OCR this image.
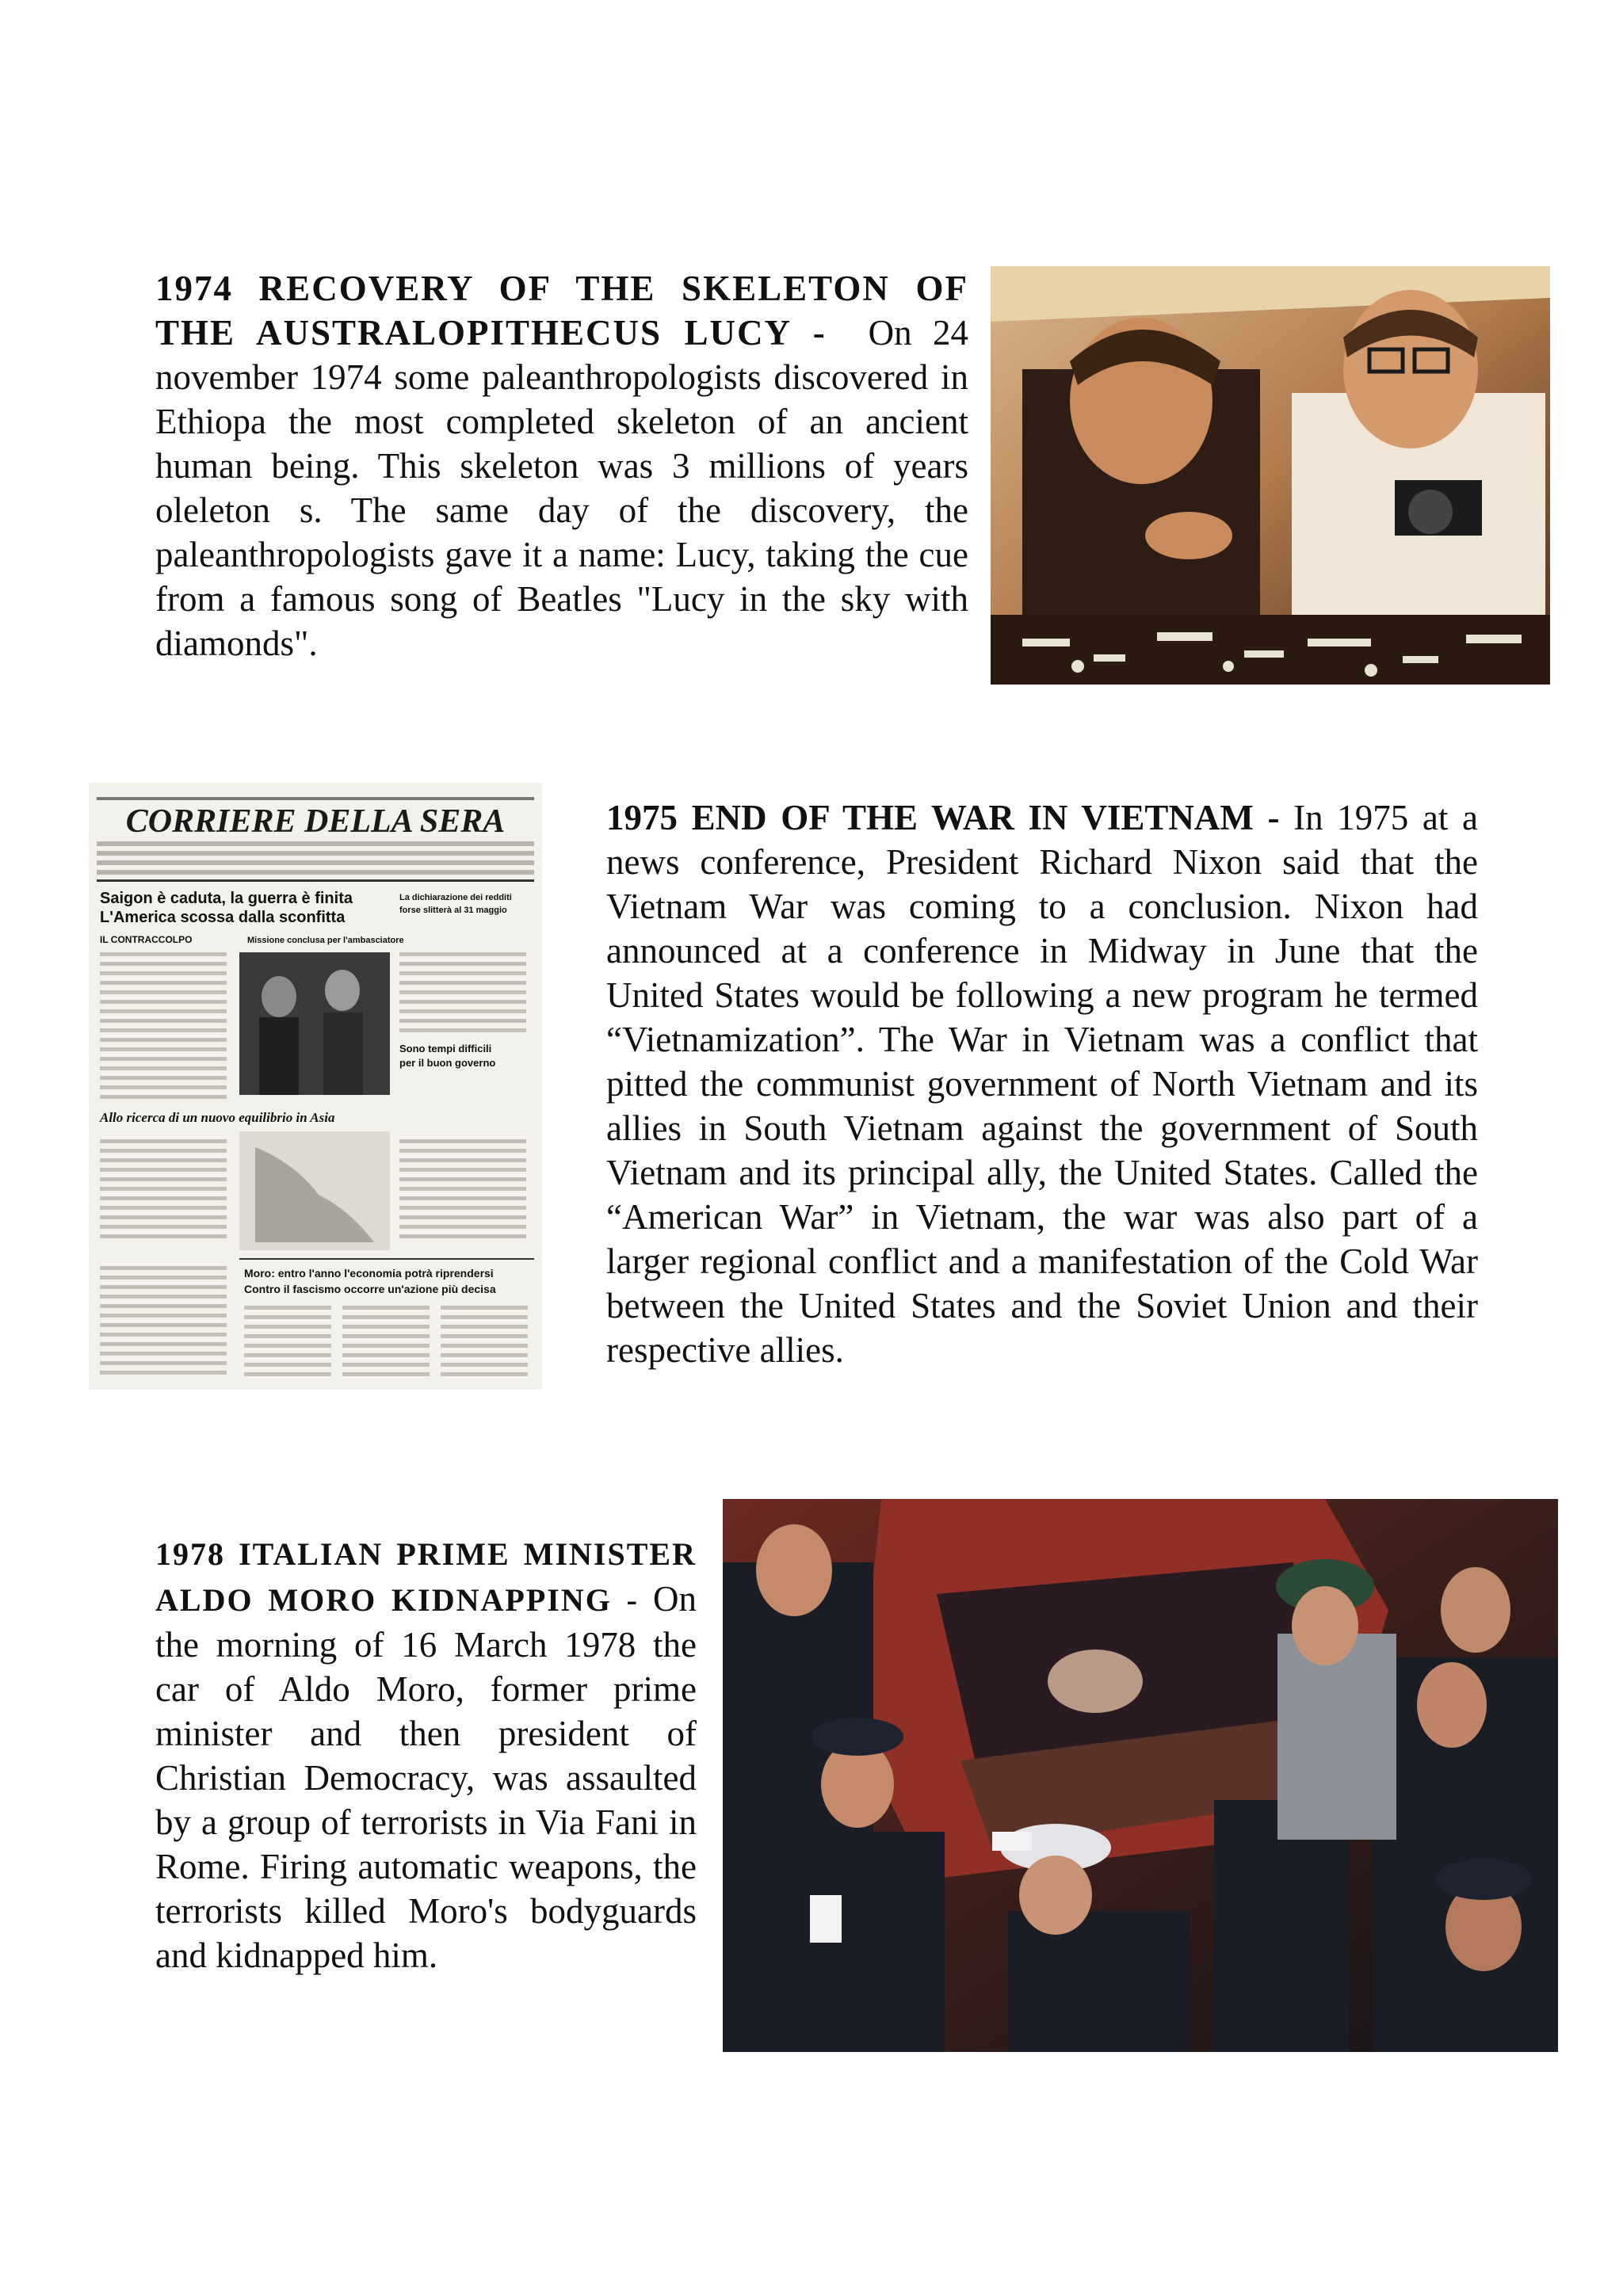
1974 RECOVERY OF THE SKELETON OF THE AUSTRALOPITHECUS LUCY - On 24 november 1974 some paleanthropologists discovered in Ethiopa the most completed skeleton of an ancient human being. This skeleton was 3 millions of years oleleton s. The same day of the discovery, the paleanthropologists gave it a name: Lucy, taking the cue from a famous song of Beatles "Lucy in the sky with diamonds".

CORRIERE DELLA SERA
Saigon è caduta, la guerra è finita
L'America scossa dalla sconfitta
La dichiarazione dei redditi
forse slitterà al 31 maggio
IL CONTRACCOLPO	Missione conclusa per l'ambasciatore
Sono tempi difficili
per il buon governo
Allo ricerca di un nuovo equilibrio in Asia
Moro: entro l'anno l'economia potrà riprendersi
Contro il fascismo occorre un'azione più decisa

1975 END OF THE WAR IN VIETNAM - In 1975 at a news conference, President Richard Nixon said that the Vietnam War was coming to a conclusion. Nixon had announced at a conference in Midway in June that the United States would be following a new program he termed “Vietnamization”. The War in Vietnam was a conflict that pitted the communist government of North Vietnam and its allies in South Vietnam against the government of South Vietnam and its principal ally, the United States. Called the “American War” in Vietnam, the war was also part of a larger regional conflict and a manifestation of the Cold War between the United States and the Soviet Union and their respective allies.

1978 ITALIAN PRIME MINISTER ALDO MORO KIDNAPPING - On the morning of 16 March 1978 the car of Aldo Moro, former prime minister and then president of Christian Democracy, was assaulted by a group of terrorists in Via Fani in Rome. Firing automatic weapons, the terrorists killed Moro's bodyguards and kidnapped him.
